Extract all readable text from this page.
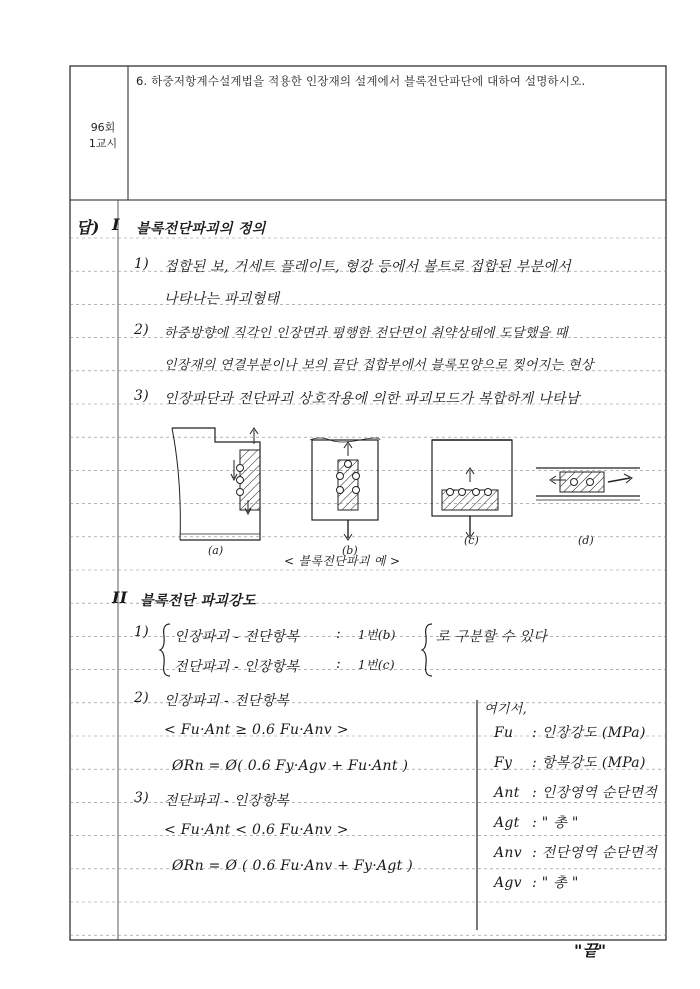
96회
1교시
6. 하중저항계수설계법을 적용한 인장재의 설계에서 블록전단파단에 대하여 설명하시오.
답) I 블록전단파괴의 정의
1) 접합된 보, 거세트 플레이트, 형강 등에서 볼트로 접합된 부분에서
나타나는 파괴형태
2) 하중방향에 직각인 인장면과 평행한 전단면이 취약상태에 도달했을 때
인장재의 연결부분이나 보의 끝단 접합부에서 블록모양으로 찢어지는 현상
3) 인장파단과 전단파괴 상호작용에 의한 파괴모드가 복합하게 나타남
(a)	(b)
(c)	(d)
< 블록전단파괴 예 >
II 블록전단 파괴강도
1) 인장파괴 - 전단항복	: 1번(b)
전단파괴 - 인장항복	: 1번(c)
로 구분할 수 있다
2) 인장파괴 - 전단항복
< Fu·Ant ≥ 0.6 Fu·Anv >
ØRn = Ø( 0.6 Fy·Agv + Fu·Ant )
3) 전단파괴 - 인장항복
< Fu·Ant < 0.6 Fu·Anv >
ØRn = Ø ( 0.6 Fu·Anv + Fy·Agt )
여기서,
Fu : 인장강도 (MPa)
Fy : 항복강도 (MPa)
Ant : 인장영역 순단면적
Agt : " 총 "
Anv : 전단영역 순단면적
Agv : " 총 "
"끝"
